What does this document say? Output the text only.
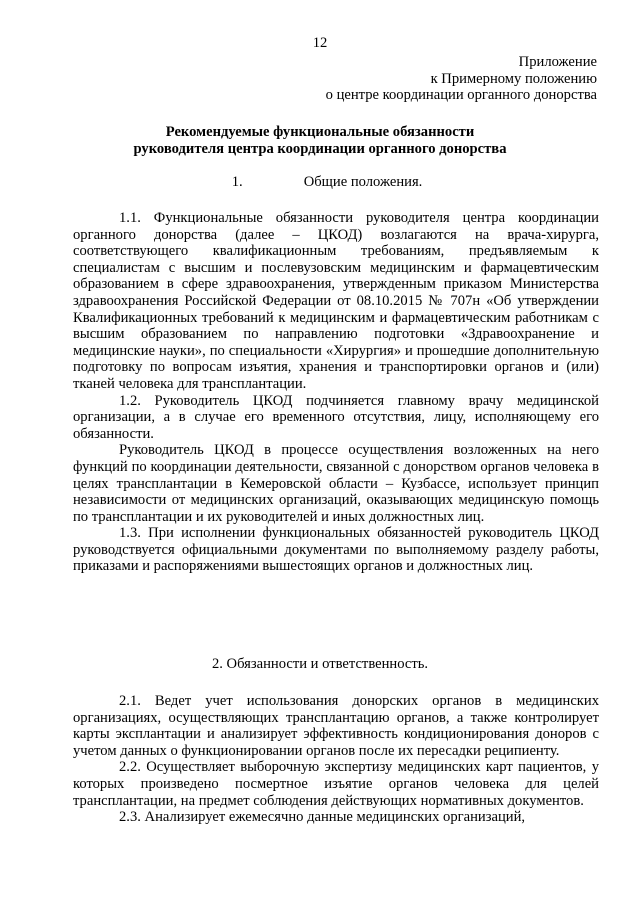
12
Приложение
к Примерному положению
о центре координации органного донорства
Рекомендуемые функциональные обязанности
руководителя центра координации органного донорства
1.	Общие положения.

1.1. Функциональные обязанности руководителя центра координации органного донорства (далее – ЦКОД) возлагаются на врача-хирурга, соответствующего квалификационным требованиям, предъявляемым к специалистам с высшим и послевузовским медицинским и фармацевтическим образованием в сфере здравоохранения, утвержденным приказом Министерства здравоохранения Российской Федерации от 08.10.2015 № 707н «Об утверждении Квалификационных требований к медицинским и фармацевтическим работникам с высшим образованием по направлению подготовки «Здравоохранение и медицинские науки», по специальности «Хирургия» и прошедшие дополнительную подготовку по вопросам изъятия, хранения и транспортировки органов и (или) тканей человека для трансплантации.

1.2. Руководитель ЦКОД подчиняется главному врачу медицинской организации, а в случае его временного отсутствия, лицу, исполняющему его обязанности.

Руководитель ЦКОД в процессе осуществления возложенных на него функций по координации деятельности, связанной с донорством органов человека в целях трансплантации в Кемеровской области – Кузбассе, использует принцип независимости от медицинских организаций, оказывающих медицинскую помощь по трансплантации и их руководителей и иных должностных лиц.

1.3. При исполнении функциональных обязанностей руководитель ЦКОД руководствуется официальными документами по выполняемому разделу работы, приказами и распоряжениями вышестоящих органов и должностных лиц.

2. Обязанности и ответственность.

2.1. Ведет учет использования донорских органов в медицинских организациях, осуществляющих трансплантацию органов, а также контролирует карты эксплантации и анализирует эффективность кондиционирования доноров с учетом данных о функционировании органов после их пересадки реципиенту.

2.2. Осуществляет выборочную экспертизу медицинских карт пациентов, у которых произведено посмертное изъятие органов человека для целей трансплантации, на предмет соблюдения действующих нормативных документов.

2.3. Анализирует ежемесячно данные медицинских организаций,
